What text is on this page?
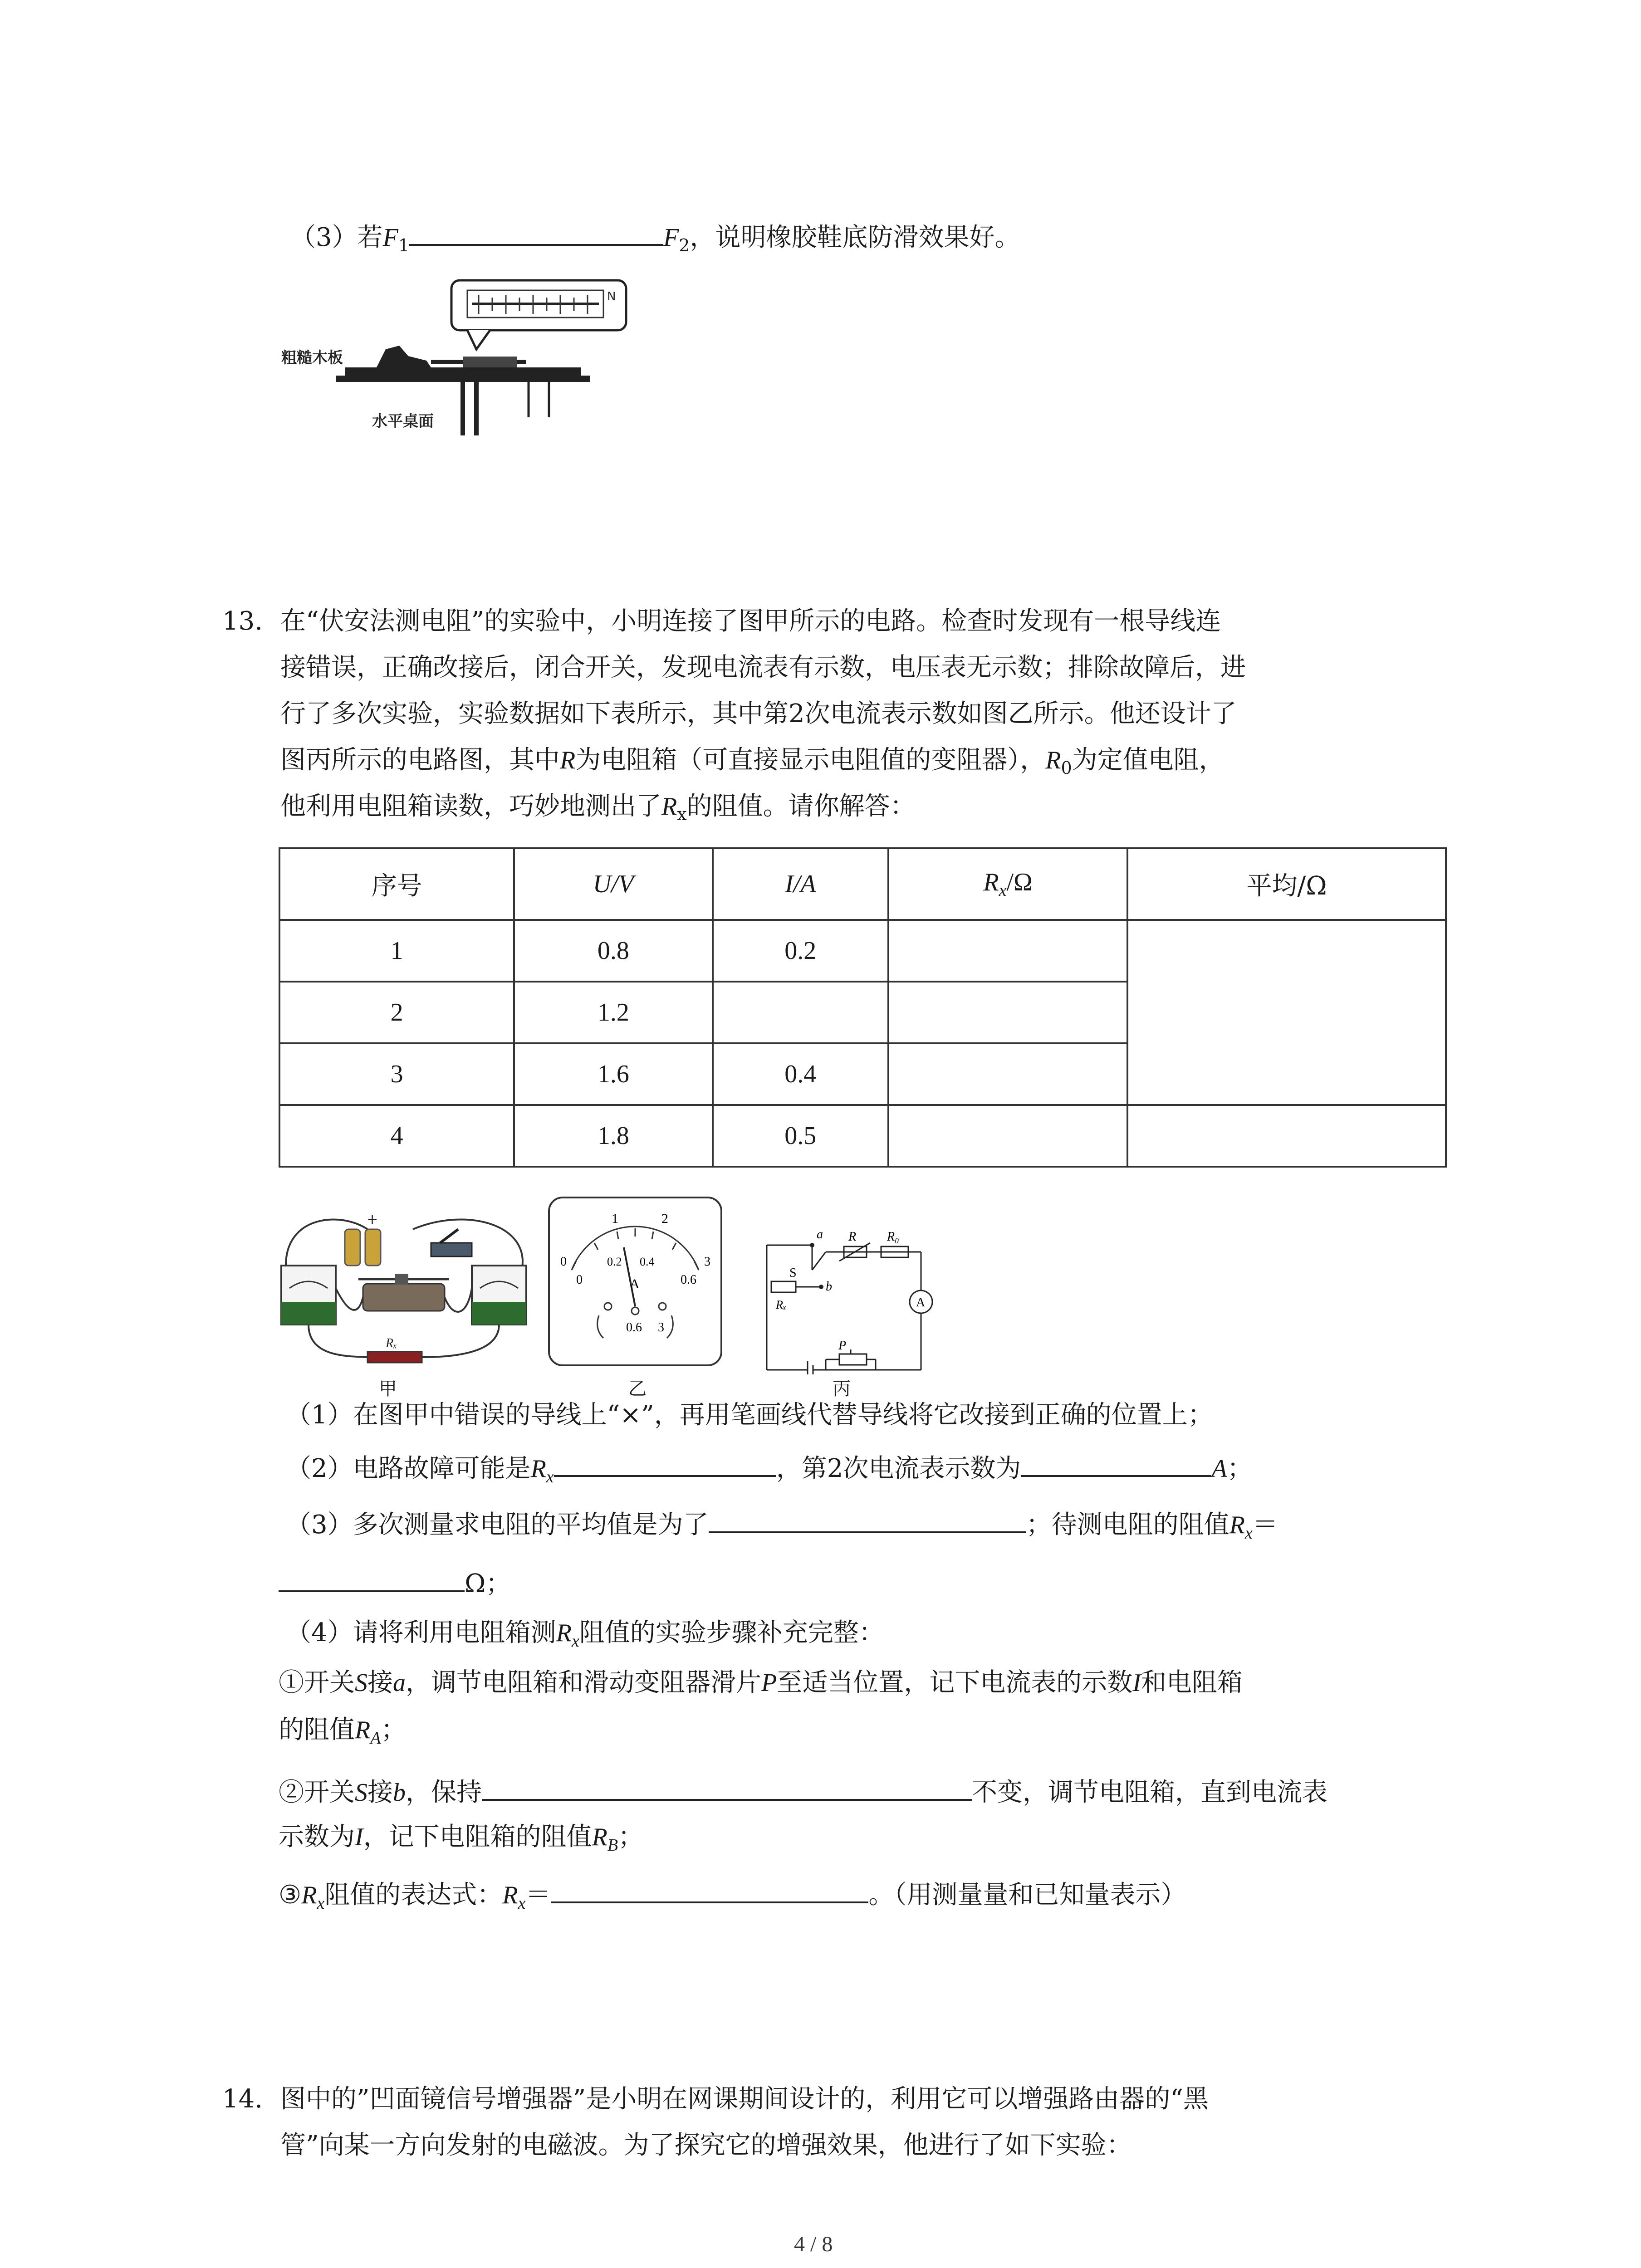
（3）若$F_1$	$F_2$，说明橡胶鞋底防滑效果好。
N
粗糙木板
水平桌面
13. 在“伏安法测电阻”的实验中，小明连接了图甲所示的电路。检查时发现有一根导线连
接错误，正确改接后，闭合开关，发现电流表有示数，电压表无示数；排除故障后，进
行了多次实验，实验数据如下表所示，其中第2次电流表示数如图乙所示。他还设计了
图丙所示的电路图，其中R为电阻箱（可直接显示电阻值的变阻器），$R_0$为定值电阻，
他利用电阻箱读数，巧妙地测出了$R_x$的阻值。请你解答：
序号	U/V	I/A	$R_x/\Omega$	平均/Ω
1	0.8	0.2		
2	1.2			
3	1.6	0.4		
4	1.8	0.5		
+
Rₓ
甲
1	2
0	0.2 0.4	3
0	A	0.6
0.6 3
乙
a
S
b
R R₀
Rₓ
P
A
丙
（1）在图甲中错误的导线上“×”，再用笔画线代替导线将它改接到正确的位置上；
（2）电路故障可能是$R_x$	，第2次电流表示数为	A；
（3）多次测量求电阻的平均值是为了	；待测电阻的阻值$R_x=$
Ω；
（4）请将利用电阻箱测$R_x$阻值的实验步骤补充完整：
①开关S接a，调节电阻箱和滑动变阻器滑片P至适当位置，记下电流表的示数I和电阻箱
的阻值$R_A$；
②开关S接b，保持	不变，调节电阻箱，直到电流表
示数为I，记下电阻箱的阻值$R_B$；
$③R_x$阻值的表达式：$R_x=$	。（用测量量和已知量表示）
14. 图中的”凹面镜信号增强器”是小明在网课期间设计的，利用它可以增强路由器的“黑
管”向某一方向发射的电磁波。为了探究它的增强效果，他进行了如下实验：
4 / 8
